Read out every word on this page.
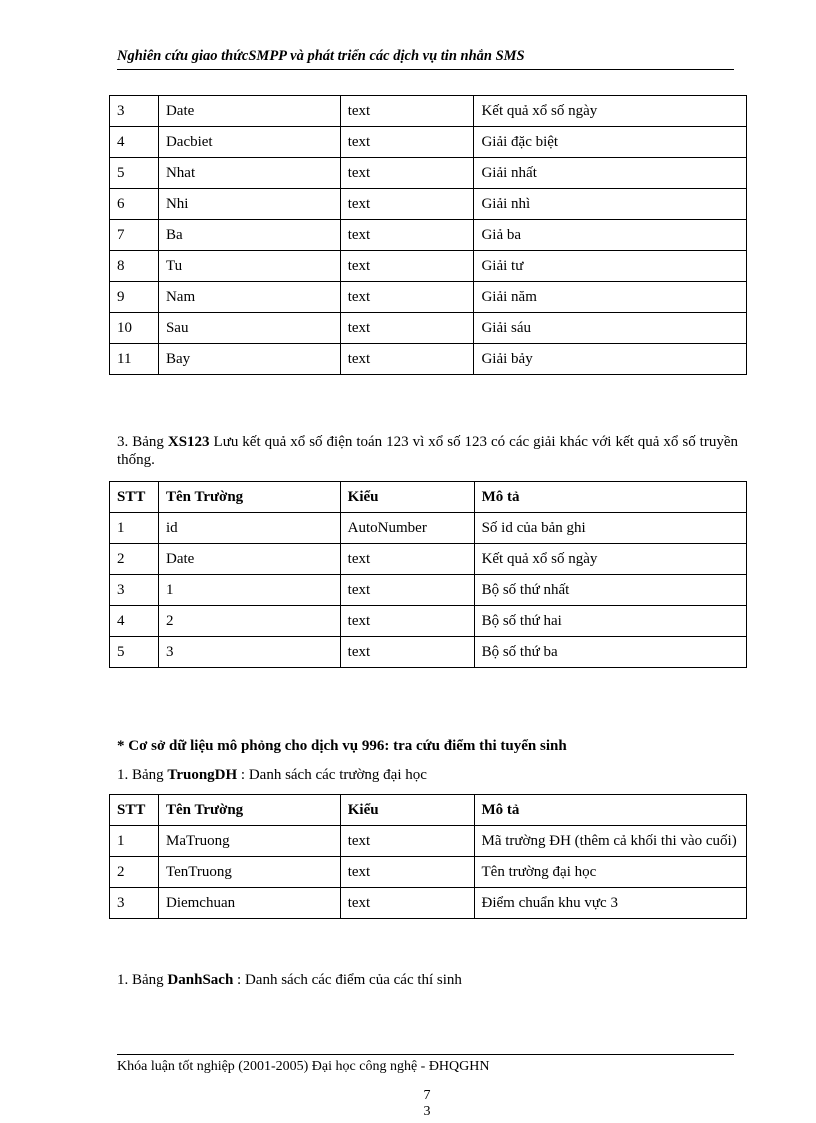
Nghiên cứu giao thứcSMPP và phát triển các dịch vụ tin nhắn SMS
3	Date	text	Kết quả xổ số ngày
4	Dacbiet	text	Giải đặc biệt
5	Nhat	text	Giải nhất
6	Nhi	text	Giải nhì
7	Ba	text	Giả ba
8	Tu	text	Giải tư
9	Nam	text	Giải năm
10	Sau	text	Giải sáu
11	Bay	text	Giải bảy
3. Bảng XS123 Lưu kết quả xổ số điện toán 123 vì xổ số 123 có các giải khác với kết quả xổ số truyền thống.
STT	Tên Trường	Kiểu	Mô tả
1	id	AutoNumber	Số id của bản ghi
2	Date	text	Kết quả xổ số ngày
3	1	text	Bộ số thứ nhất
4	2	text	Bộ số thứ hai
5	3	text	Bộ số thứ ba
* Cơ sở dữ liệu mô phỏng cho dịch vụ 996: tra cứu điểm thi tuyển sinh
1. Bảng TruongDH : Danh sách các trường đại học
STT	Tên Trường	Kiểu	Mô tả
1	MaTruong	text	Mã trường ĐH (thêm cả khối thi vào cuối)
2	TenTruong	text	Tên trường đại học
3	Diemchuan	text	Điểm chuẩn khu vực 3
1. Bảng DanhSach : Danh sách các điểm của các thí sinh
Khóa luận tốt nghiệp (2001-2005) Đại học công nghệ - ĐHQGHN
7
3
